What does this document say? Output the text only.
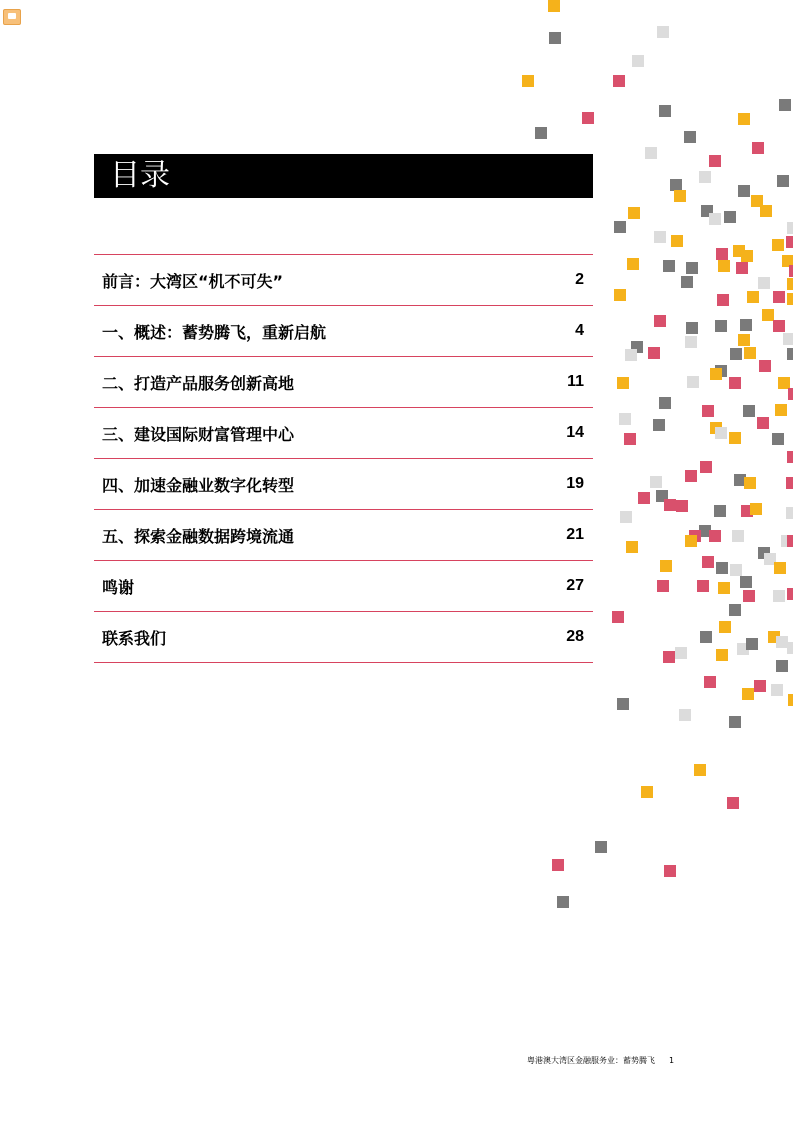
目录
前言：大湾区“机不可失”	2
一、概述：蓄势腾飞，重新启航	4
二、打造产品服务创新高地	11
三、建设国际财富管理中心	14
四、加速金融业数字化转型	19
五、探索金融数据跨境流通	21
鸣谢	27
联系我们	28
粤港澳大湾区金融服务业：蓄势腾飞 1
